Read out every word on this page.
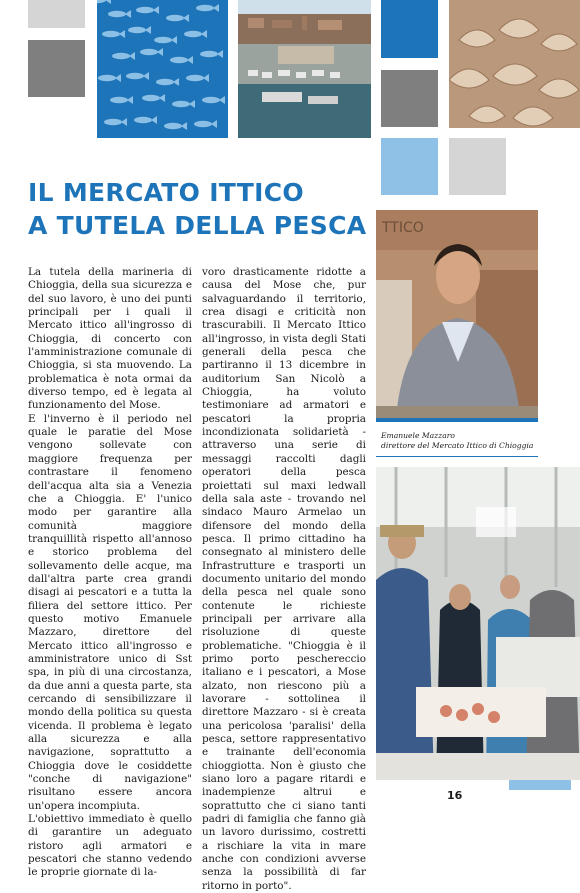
IL MERCATO ITTICO
A TUTELA DELLA PESCA

La tutela della marineria di Chioggia, della sua sicurezza e del suo lavoro, è uno dei punti principali per i quali il Mercato ittico all'ingrosso di Chioggia, di concerto con l'amministrazione comunale di Chioggia, si sta muovendo. La problematica è nota ormai da diverso tempo, ed è legata al funzionamento del Mose.

E l'inverno è il periodo nel quale le paratie del Mose vengono sollevate con maggiore frequenza per contrastare il fenomeno dell'acqua alta sia a Venezia che a Chioggia. E' l'unico modo per garantire alla comunità maggiore tranquillità rispetto all'annoso e storico problema del sollevamento delle acque, ma dall'altra parte crea grandi disagi ai pescatori e a tutta la filiera del settore ittico. Per questo motivo Emanuele Mazzaro, direttore del Mercato ittico all'ingrosso e amministratore unico di Sst spa, in più di una circostanza, da due anni a questa parte, sta cercando di sensibilizzare il mondo della politica su questa vicenda. Il problema è legato alla sicurezza e alla navigazione, soprattutto a Chioggia dove le cosiddette "conche di navigazione" risultano essere ancora un'opera incompiuta.

L'obiettivo immediato è quello di garantire un adeguato ristoro agli armatori e pescatori che stanno vedendo le proprie giornate di la-

voro drasticamente ridotte a causa del Mose che, pur salvaguardando il territorio, crea disagi e criticità non trascurabili. Il Mercato Ittico all'ingrosso, in vista degli Stati generali della pesca che partiranno il 13 dicembre in auditorium San Nicolò a Chioggia, ha voluto testimoniare ad armatori e pescatori la propria incondizionata solidarietà - attraverso una serie di messaggi raccolti dagli operatori della pesca proiettati sul maxi ledwall della sala aste - trovando nel sindaco Mauro Armelao un difensore del mondo della pesca. Il primo cittadino ha consegnato al ministero delle Infrastrutture e trasporti un documento unitario del mondo della pesca nel quale sono contenute le richieste principali per arrivare alla risoluzione di queste problematiche. "Chioggia è il primo porto peschereccio italiano e i pescatori, a Mose alzato, non riescono più a lavorare - sottolinea il direttore Mazzaro - si è creata una pericolosa 'paralisi' della pesca, settore rappresentativo e trainante dell'economia chioggiotta. Non è giusto che siano loro a pagare ritardi e inadempienze altrui e soprattutto che ci siano tanti padri di famiglia che fanno già un lavoro durissimo, costretti a rischiare la vita in mare anche con condizioni avverse senza la possibilità di far ritorno in porto".

TTICO
Emanuele Mazzaro
direttore del Mercato Ittico di Chioggia
16
